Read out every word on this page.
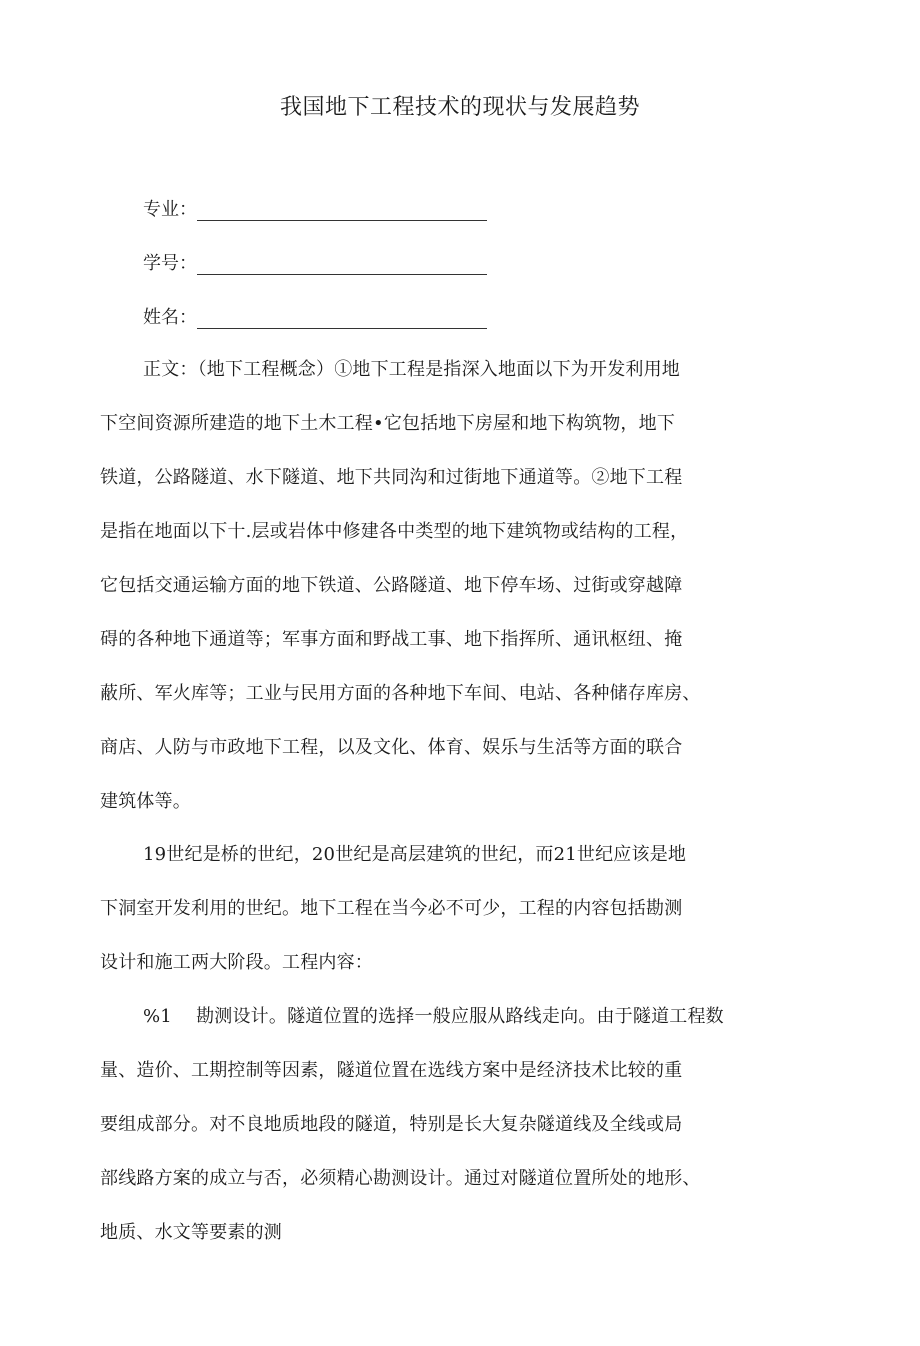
我国地下工程技术的现状与发展趋势
专业：
学号：
姓名：
正文：（地下工程概念）①地下工程是指深入地面以下为开发利用地
下空间资源所建造的地下土木工程•它包括地下房屋和地下构筑物，地下
铁道，公路隧道、水下隧道、地下共同沟和过街地下通道等。②地下工程
是指在地面以下十.层或岩体中修建各中类型的地下建筑物或结构的工程，
它包括交通运输方面的地下铁道、公路隧道、地下停车场、过街或穿越障
碍的各种地下通道等；军事方面和野战工事、地下指挥所、通讯枢纽、掩
蔽所、军火库等；工业与民用方面的各种地下车间、电站、各种储存库房、
商店、人防与市政地下工程，以及文化、体育、娱乐与生活等方面的联合
建筑体等。
19世纪是桥的世纪，20世纪是高层建筑的世纪，而21世纪应该是地
下洞室开发利用的世纪。地下工程在当今必不可少，工程的内容包括勘测
设计和施工两大阶段。工程内容：
%1　 勘测设计。隧道位置的选择一般应服从路线走向。由于隧道工程数
量、造价、工期控制等因素，隧道位置在选线方案中是经济技术比较的重
要组成部分。对不良地质地段的隧道，特别是长大复杂隧道线及全线或局
部线路方案的成立与否，必须精心勘测设计。通过对隧道位置所处的地形、
地质、水文等要素的测
